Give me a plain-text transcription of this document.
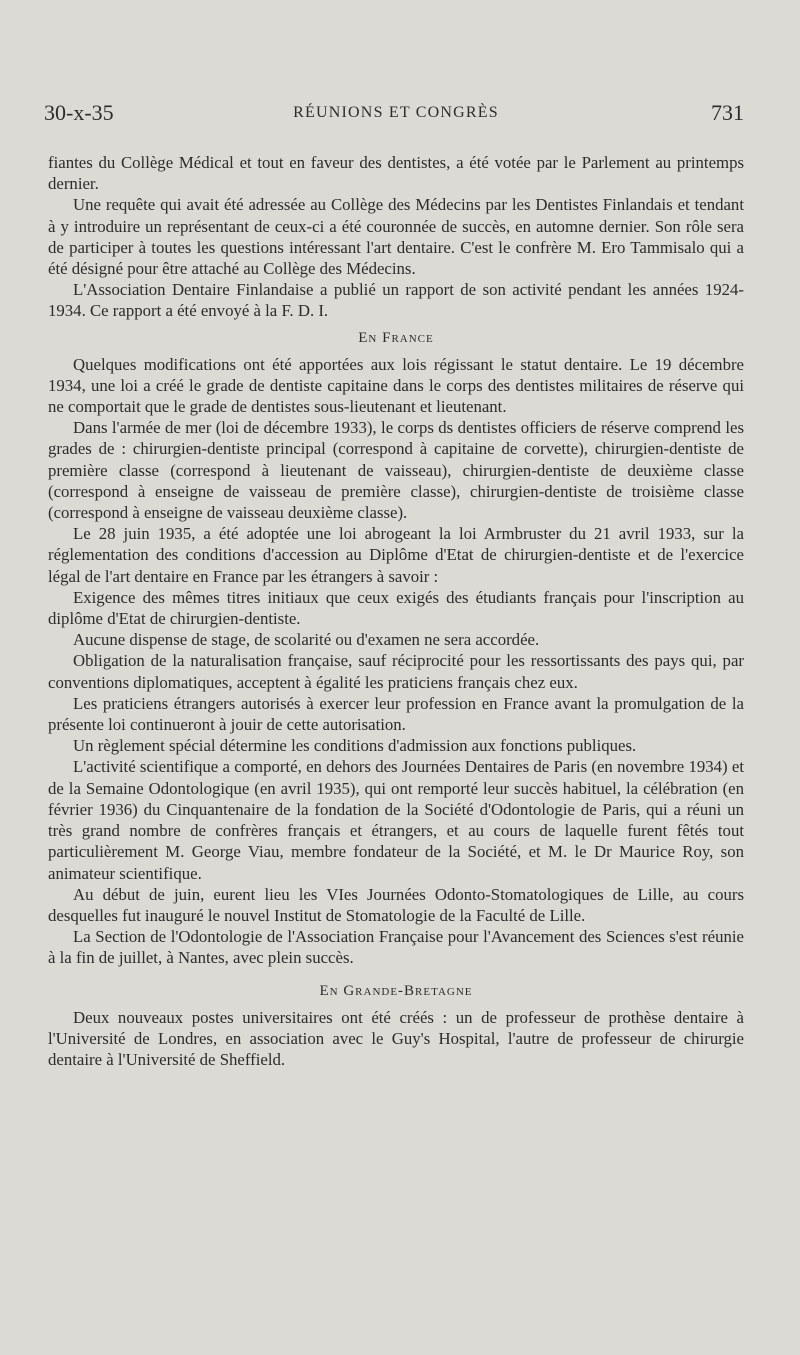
30-x-35	RÉUNIONS ET CONGRÈS	731

fiantes du Collège Médical et tout en faveur des dentistes, a été votée par le Parlement au printemps dernier.

Une requête qui avait été adressée au Collège des Médecins par les Dentistes Finlandais et tendant à y introduire un représentant de ceux-ci a été couronnée de succès, en automne dernier. Son rôle sera de participer à toutes les questions intéressant l'art dentaire. C'est le confrère M. Ero Tammisalo qui a été désigné pour être attaché au Collège des Médecins.

L'Association Dentaire Finlandaise a publié un rapport de son activité pendant les années 1924-1934. Ce rapport a été envoyé à la F. D. I.

En France

Quelques modifications ont été apportées aux lois régissant le statut dentaire. Le 19 décembre 1934, une loi a créé le grade de dentiste capitaine dans le corps des dentistes militaires de réserve qui ne comportait que le grade de dentistes sous-lieutenant et lieutenant.

Dans l'armée de mer (loi de décembre 1933), le corps ds dentistes officiers de réserve comprend les grades de : chirurgien-dentiste principal (correspond à capitaine de corvette), chirurgien-dentiste de première classe (correspond à lieutenant de vaisseau), chirurgien-dentiste de deuxième classe (correspond à enseigne de vaisseau de première classe), chirurgien-dentiste de troisième classe (correspond à enseigne de vaisseau deuxième classe).

Le 28 juin 1935, a été adoptée une loi abrogeant la loi Armbruster du 21 avril 1933, sur la réglementation des conditions d'accession au Diplôme d'Etat de chirurgien-dentiste et de l'exercice légal de l'art dentaire en France par les étrangers à savoir :

Exigence des mêmes titres initiaux que ceux exigés des étudiants français pour l'inscription au diplôme d'Etat de chirurgien-dentiste.

Aucune dispense de stage, de scolarité ou d'examen ne sera accordée.

Obligation de la naturalisation française, sauf réciprocité pour les ressortissants des pays qui, par conventions diplomatiques, acceptent à égalité les praticiens français chez eux.

Les praticiens étrangers autorisés à exercer leur profession en France avant la promulgation de la présente loi continueront à jouir de cette autorisation.

Un règlement spécial détermine les conditions d'admission aux fonctions publiques.

L'activité scientifique a comporté, en dehors des Journées Dentaires de Paris (en novembre 1934) et de la Semaine Odontologique (en avril 1935), qui ont remporté leur succès habituel, la célébration (en février 1936) du Cinquantenaire de la fondation de la Société d'Odontologie de Paris, qui a réuni un très grand nombre de confrères français et étrangers, et au cours de laquelle furent fêtés tout particulièrement M. George Viau, membre fondateur de la Société, et M. le Dr Maurice Roy, son animateur scientifique.

Au début de juin, eurent lieu les VIes Journées Odonto-Stomatologiques de Lille, au cours desquelles fut inauguré le nouvel Institut de Stomatologie de la Faculté de Lille.

La Section de l'Odontologie de l'Association Française pour l'Avancement des Sciences s'est réunie à la fin de juillet, à Nantes, avec plein succès.

En Grande-Bretagne

Deux nouveaux postes universitaires ont été créés : un de professeur de prothèse dentaire à l'Université de Londres, en association avec le Guy's Hospital, l'autre de professeur de chirurgie dentaire à l'Université de Sheffield.
